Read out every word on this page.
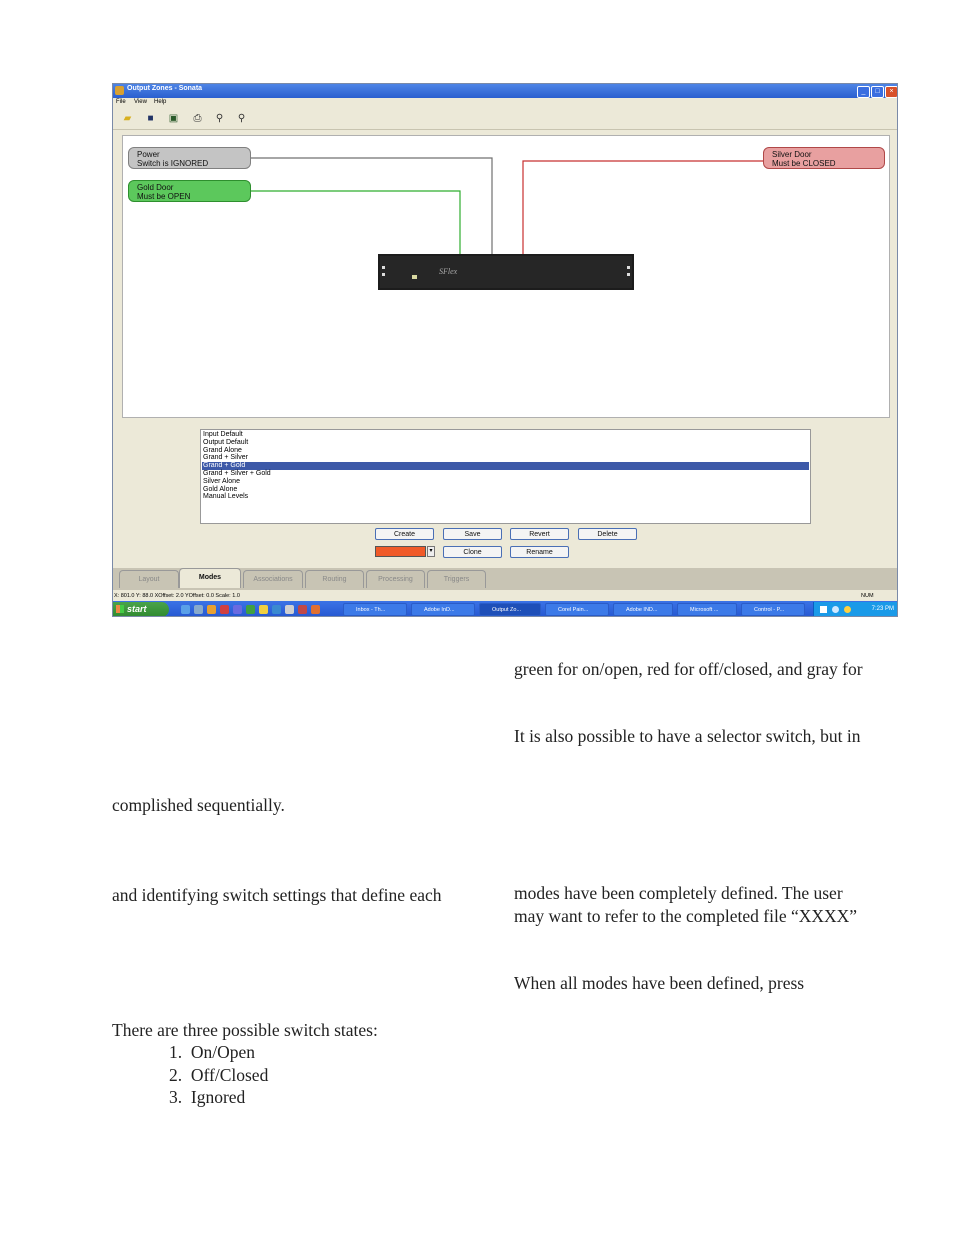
Output Zones - Sonata	_	□	×
File View Help
▰	■	▣ ⎙ ⚲ ⚲
SFlex
Power
Switch is IGNORED
Gold Door
Must be OPEN
Silver Door
Must be CLOSED
Input Default
Output Default
Grand Alone
Grand + Silver
Grand + Gold
Grand + Silver + Gold
Silver Alone
Gold Alone
Manual Levels
Create	Save	Revert	Delete
▾	Clone	Rename
Layout	Modes	Associations	Routing	Processing	Triggers
X: 801.0 Y: 88.0 XOffset: 2.0 YOffset: 0.0 Scale: 1.0	NUM
start	Inbox - Th...	Adobe InD...	Output Zo...	Corel Pain...	Adobe IND...	Microsoft ...	Control - P...	7:23 PM
green for on/open, red for off/closed, and gray for
It is also possible to have a selector switch, but in
complished sequentially.
and identifying switch settings that define each	modes have been completely defined. The user
may want to refer to the completed file “XXXX”
When all modes have been defined, press
There are three possible switch states:
1. On/Open
2. Off/Closed
3. Ignored
